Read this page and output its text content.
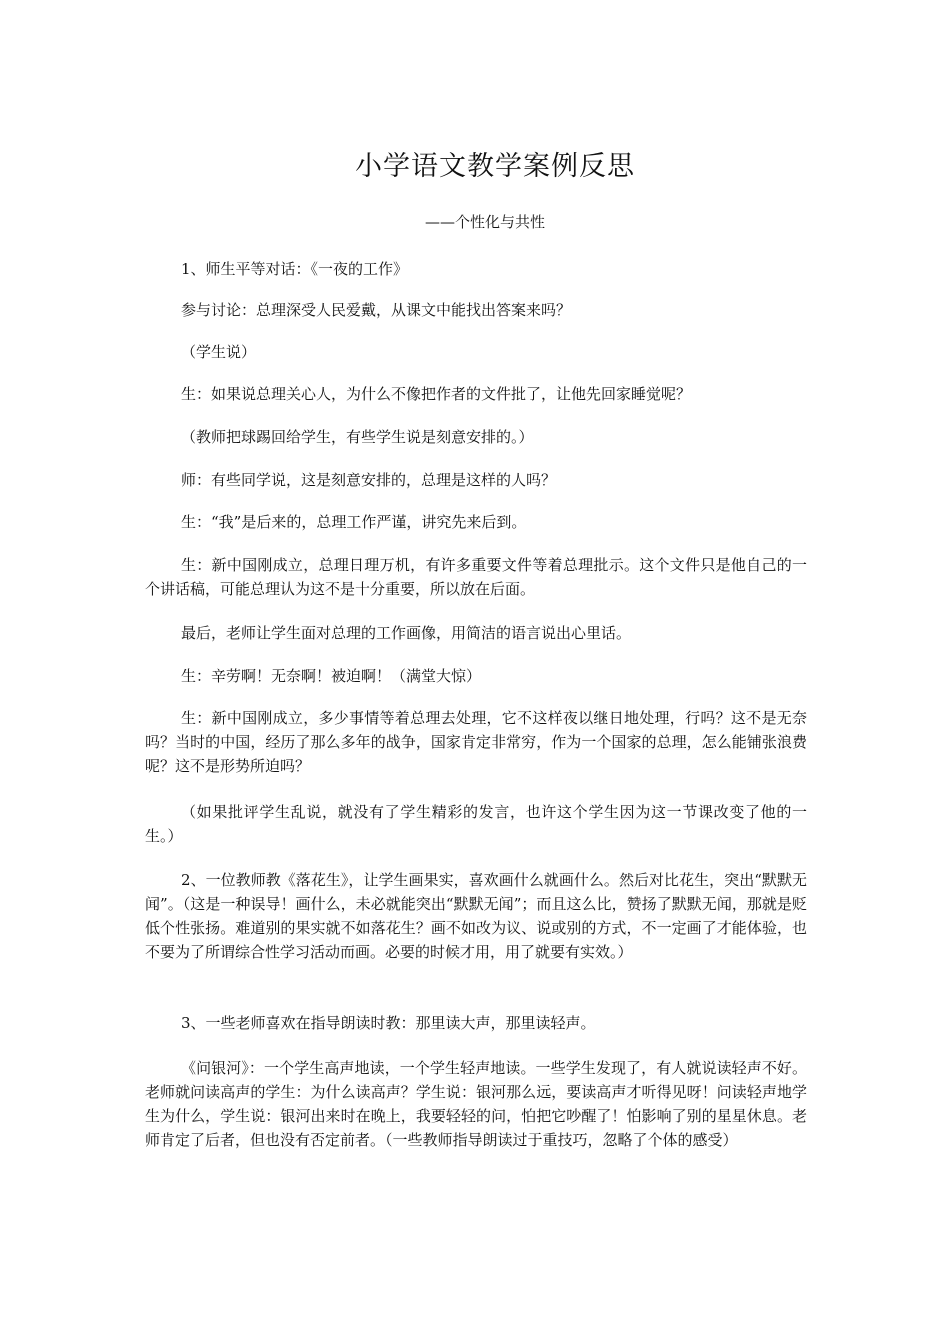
小学语文教学案例反思
——个性化与共性
1、师生平等对话：《一夜的工作》
参与讨论：总理深受人民爱戴，从课文中能找出答案来吗？
（学生说）
生：如果说总理关心人，为什么不像把作者的文件批了，让他先回家睡觉呢？
（教师把球踢回给学生，有些学生说是刻意安排的。）
师：有些同学说，这是刻意安排的，总理是这样的人吗？
生：“我”是后来的，总理工作严谨，讲究先来后到。
生：新中国刚成立，总理日理万机，有许多重要文件等着总理批示。这个文件只是他自己的一个讲话稿，可能总理认为这不是十分重要，所以放在后面。
最后，老师让学生面对总理的工作画像，用简洁的语言说出心里话。
生：辛劳啊！无奈啊！被迫啊！（满堂大惊）
生：新中国刚成立，多少事情等着总理去处理，它不这样夜以继日地处理，行吗？这不是无奈吗？当时的中国，经历了那么多年的战争，国家肯定非常穷，作为一个国家的总理，怎么能铺张浪费呢？这不是形势所迫吗？
（如果批评学生乱说，就没有了学生精彩的发言，也许这个学生因为这一节课改变了他的一生。）
2、一位教师教《落花生》，让学生画果实，喜欢画什么就画什么。然后对比花生，突出“默默无闻”。（这是一种误导！画什么，未必就能突出“默默无闻”；而且这么比，赞扬了默默无闻，那就是贬低个性张扬。难道别的果实就不如落花生？画不如改为议、说或别的方式，不一定画了才能体验，也不要为了所谓综合性学习活动而画。必要的时候才用，用了就要有实效。）
3、一些老师喜欢在指导朗读时教：那里读大声，那里读轻声。
《问银河》：一个学生高声地读，一个学生轻声地读。一些学生发现了，有人就说读轻声不好。老师就问读高声的学生：为什么读高声？学生说：银河那么远，要读高声才听得见呀！问读轻声地学生为什么，学生说：银河出来时在晚上，我要轻轻的问，怕把它吵醒了！怕影响了别的星星休息。老师肯定了后者，但也没有否定前者。（一些教师指导朗读过于重技巧，忽略了个体的感受）
